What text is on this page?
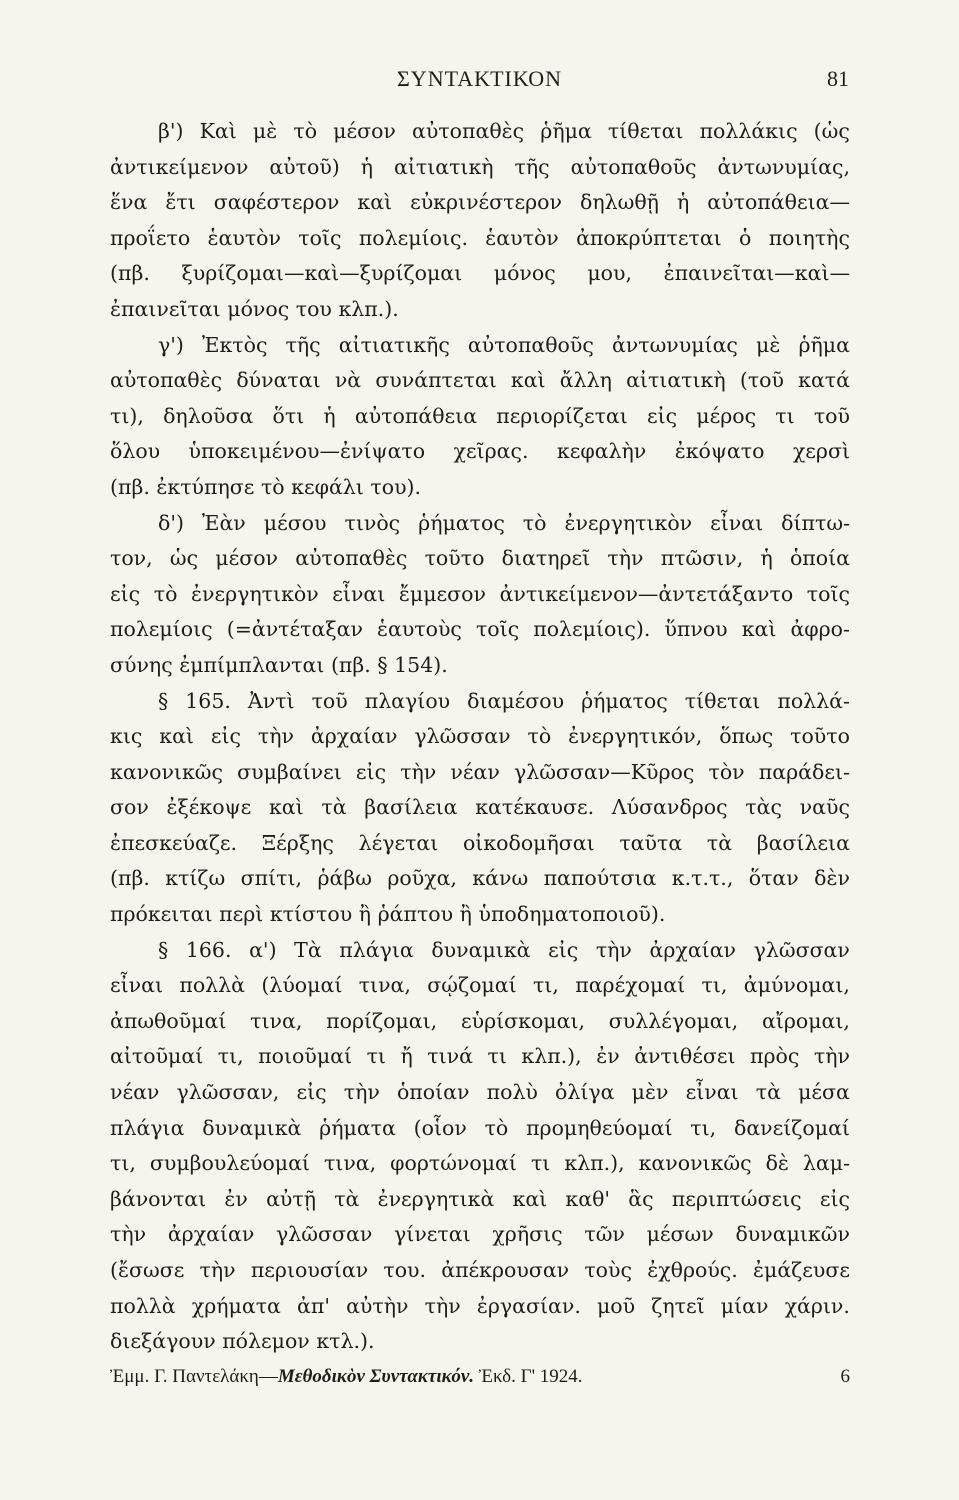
ΣΥΝΤΑΚΤΙΚΟΝ	81
β') Καὶ μὲ τὸ μέσον αὐτοπαθὲς ῥῆμα τίθεται πολλάκις (ὡς
ἀντικείμενον αὐτοῦ) ἡ αἰτιατικὴ τῆς αὐτοπαθοῦς ἀντωνυμίας,
ἕνα ἔτι σαφέστερον καὶ εὐκρινέστερον δηλωθῇ ἡ αὐτοπάθεια—
προΐετο ἑαυτὸν τοῖς πολεμίοις. ἑαυτὸν ἀποκρύπτεται ὁ ποιητὴς
(πβ. ξυρίζομαι—καὶ—ξυρίζομαι μόνος μου, ἐπαινεῖται—καὶ—
ἐπαινεῖται μόνος του κλπ.).
γ') Ἐκτὸς τῆς αἰτιατικῆς αὐτοπαθοῦς ἀντωνυμίας μὲ ῥῆμα
αὐτοπαθὲς δύναται νὰ συνάπτεται καὶ ἄλλη αἰτιατικὴ (τοῦ κατά
τι), δηλοῦσα ὅτι ἡ αὐτοπάθεια περιορίζεται εἰς μέρος τι τοῦ
ὅλου ὑποκειμένου—ἐνίψατο χεῖρας. κεφαλὴν ἐκόψατο χερσὶ
(πβ. ἐκτύπησε τὸ κεφάλι του).
δ') Ἐὰν μέσου τινὸς ῥήματος τὸ ἐνεργητικὸν εἶναι δίπτω-
τον, ὡς μέσον αὐτοπαθὲς τοῦτο διατηρεῖ τὴν πτῶσιν, ἡ ὁποία
εἰς τὸ ἐνεργητικὸν εἶναι ἔμμεσον ἀντικείμενον—ἀντετάξαντο τοῖς
πολεμίοις (=ἀντέταξαν ἑαυτοὺς τοῖς πολεμίοις). ὕπνου καὶ ἀφρο-
σύνης ἐμπίμπλανται (πβ. § 154).
§ 165. Ἀντὶ τοῦ πλαγίου διαμέσου ῥήματος τίθεται πολλά-
κις καὶ εἰς τὴν ἀρχαίαν γλῶσσαν τὸ ἐνεργητικόν, ὅπως τοῦτο
κανονικῶς συμβαίνει εἰς τὴν νέαν γλῶσσαν—Κῦρος τὸν παράδει-
σον ἐξέκοψε καὶ τὰ βασίλεια κατέκαυσε. Λύσανδρος τὰς ναῦς
ἐπεσκεύαζε. Ξέρξης λέγεται οἰκοδομῆσαι ταῦτα τὰ βασίλεια
(πβ. κτίζω σπίτι, ῥάβω ροῦχα, κάνω παπούτσια κ.τ.τ., ὅταν δὲν
πρόκειται περὶ κτίστου ἢ ῥάπτου ἢ ὑποδηματοποιοῦ).
§ 166. α') Τὰ πλάγια δυναμικὰ εἰς τὴν ἀρχαίαν γλῶσσαν
εἶναι πολλὰ (λύομαί τινα, σῴζομαί τι, παρέχομαί τι, ἀμύνομαι,
ἀπωθοῦμαί τινα, πορίζομαι, εὑρίσκομαι, συλλέγομαι, αἴρομαι,
αἰτοῦμαί τι, ποιοῦμαί τι ἤ τινά τι κλπ.), ἐν ἀντιθέσει πρὸς τὴν
νέαν γλῶσσαν, εἰς τὴν ὁποίαν πολὺ ὀλίγα μὲν εἶναι τὰ μέσα
πλάγια δυναμικὰ ῥήματα (οἷον τὸ προμηθεύομαί τι, δανείζομαί
τι, συμβουλεύομαί τινα, φορτώνομαί τι κλπ.), κανονικῶς δὲ λαμ-
βάνονται ἐν αὐτῇ τὰ ἐνεργητικὰ καὶ καθ' ἃς περιπτώσεις εἰς
τὴν ἀρχαίαν γλῶσσαν γίνεται χρῆσις τῶν μέσων δυναμικῶν
(ἔσωσε τὴν περιουσίαν του. ἀπέκρουσαν τοὺς ἐχθρούς. ἐμάζευσε
πολλὰ χρήματα ἀπ' αὐτὴν τὴν ἐργασίαν. μοῦ ζητεῖ μίαν χάριν.
διεξάγουν πόλεμον κτλ.).
Ἐμμ. Γ. Παντελάκη—Μεθοδικὸν Συντακτικόν. Ἐκδ. Γ' 1924.	6
